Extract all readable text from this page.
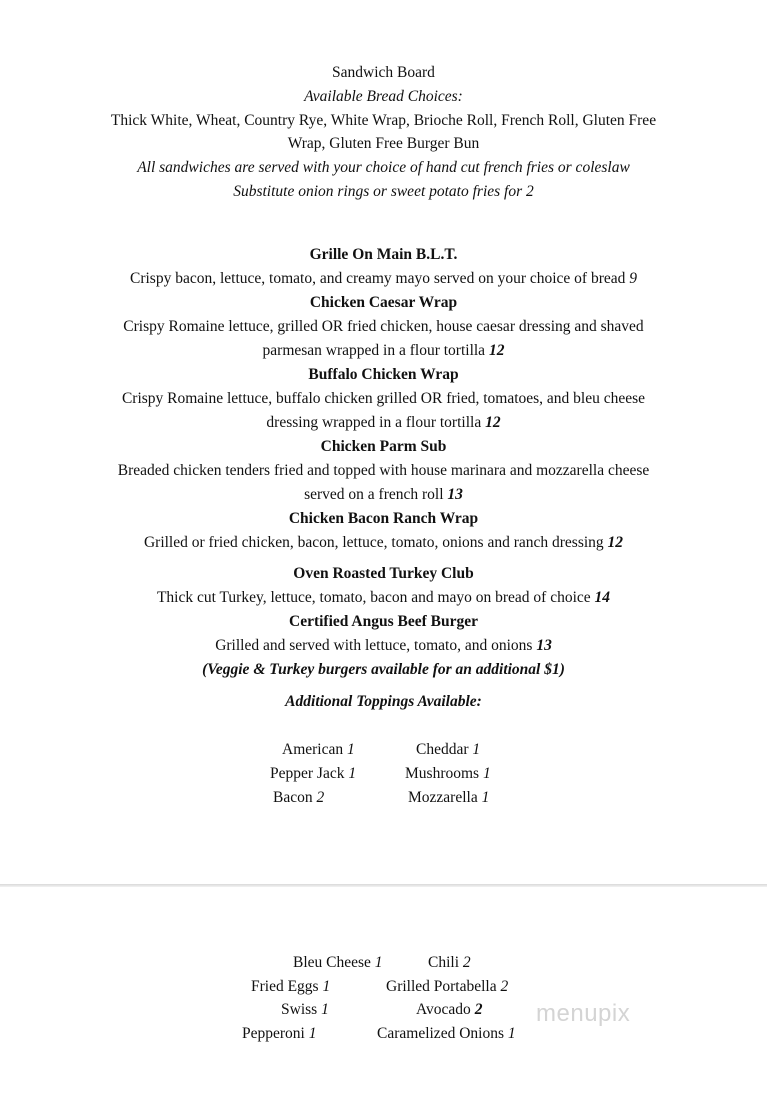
Sandwich Board
Available Bread Choices:
Thick White, Wheat, Country Rye, White Wrap, Brioche Roll, French Roll, Gluten Free
Wrap, Gluten Free Burger Bun
All sandwiches are served with your choice of hand cut french fries or coleslaw
Substitute onion rings or sweet potato fries for 2
Grille On Main B.L.T.
Crispy bacon, lettuce, tomato, and creamy mayo served on your choice of bread 9
Chicken Caesar Wrap
Crispy Romaine lettuce, grilled OR fried chicken, house caesar dressing and shaved
parmesan wrapped in a flour tortilla 12
Buffalo Chicken Wrap
Crispy Romaine lettuce, buffalo chicken grilled OR fried, tomatoes, and bleu cheese
dressing wrapped in a flour tortilla 12
Chicken Parm Sub
Breaded chicken tenders fried and topped with house marinara and mozzarella cheese
served on a french roll 13
Chicken Bacon Ranch Wrap
Grilled or fried chicken, bacon, lettuce, tomato, onions and ranch dressing 12
Oven Roasted Turkey Club
Thick cut Turkey, lettuce, tomato, bacon and mayo on bread of choice 14
Certified Angus Beef Burger
Grilled and served with lettuce, tomato, and onions 13
(Veggie & Turkey burgers available for an additional $1)
Additional Toppings Available:
American 1	Cheddar 1
Pepper Jack 1	Mushrooms 1
Bacon 2	Mozzarella 1
Bleu Cheese 1	Chili 2
Fried Eggs 1	Grilled Portabella 2
Swiss 1	Avocado 2
Pepperoni 1	Caramelized Onions 1
menupix
